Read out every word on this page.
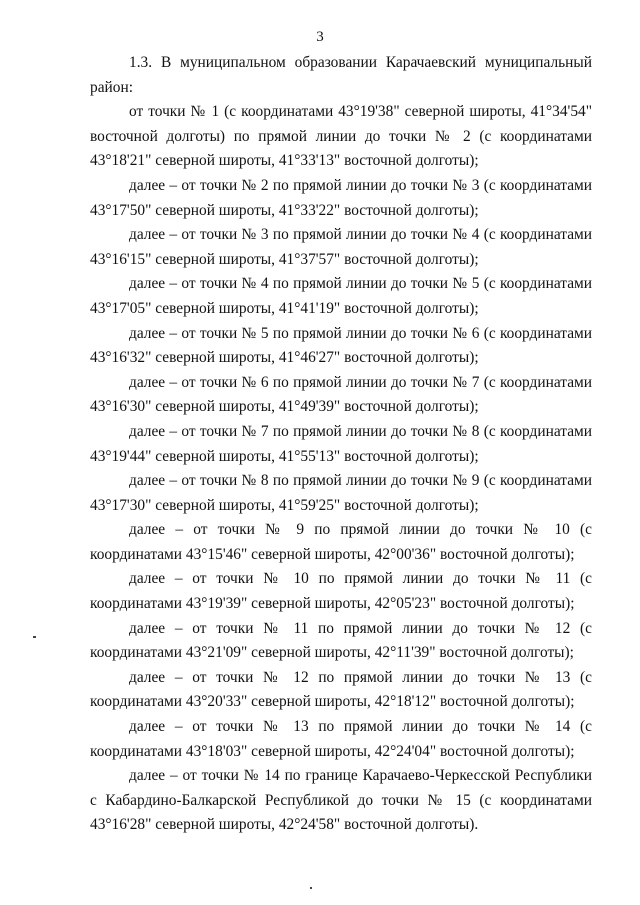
3

1.3. В муниципальном образовании Карачаевский муниципальный район:

от точки № 1 (с координатами 43°19'38" северной широты, 41°34'54" восточной долготы) по прямой линии до точки № 2 (с координатами 43°18'21" северной широты, 41°33'13" восточной долготы);

далее – от точки № 2 по прямой линии до точки № 3 (с координатами 43°17'50" северной широты, 41°33'22" восточной долготы);

далее – от точки № 3 по прямой линии до точки № 4 (с координатами 43°16'15" северной широты, 41°37'57" восточной долготы);

далее – от точки № 4 по прямой линии до точки № 5 (с координатами 43°17'05" северной широты, 41°41'19" восточной долготы);

далее – от точки № 5 по прямой линии до точки № 6 (с координатами 43°16'32" северной широты, 41°46'27" восточной долготы);

далее – от точки № 6 по прямой линии до точки № 7 (с координатами 43°16'30" северной широты, 41°49'39" восточной долготы);

далее – от точки № 7 по прямой линии до точки № 8 (с координатами 43°19'44" северной широты, 41°55'13" восточной долготы);

далее – от точки № 8 по прямой линии до точки № 9 (с координатами 43°17'30" северной широты, 41°59'25" восточной долготы);

далее – от точки № 9 по прямой линии до точки № 10 (с координатами 43°15'46" северной широты, 42°00'36" восточной долготы);

далее – от точки № 10 по прямой линии до точки № 11 (с координатами 43°19'39" северной широты, 42°05'23" восточной долготы);

далее – от точки № 11 по прямой линии до точки № 12 (с координатами 43°21'09" северной широты, 42°11'39" восточной долготы);

далее – от точки № 12 по прямой линии до точки № 13 (с координатами 43°20'33" северной широты, 42°18'12" восточной долготы);

далее – от точки № 13 по прямой линии до точки № 14 (с координатами 43°18'03" северной широты, 42°24'04" восточной долготы);

далее – от точки № 14 по границе Карачаево-Черкесской Республики с Кабардино-Балкарской Республикой до точки № 15 (с координатами 43°16'28" северной широты, 42°24'58" восточной долготы).
